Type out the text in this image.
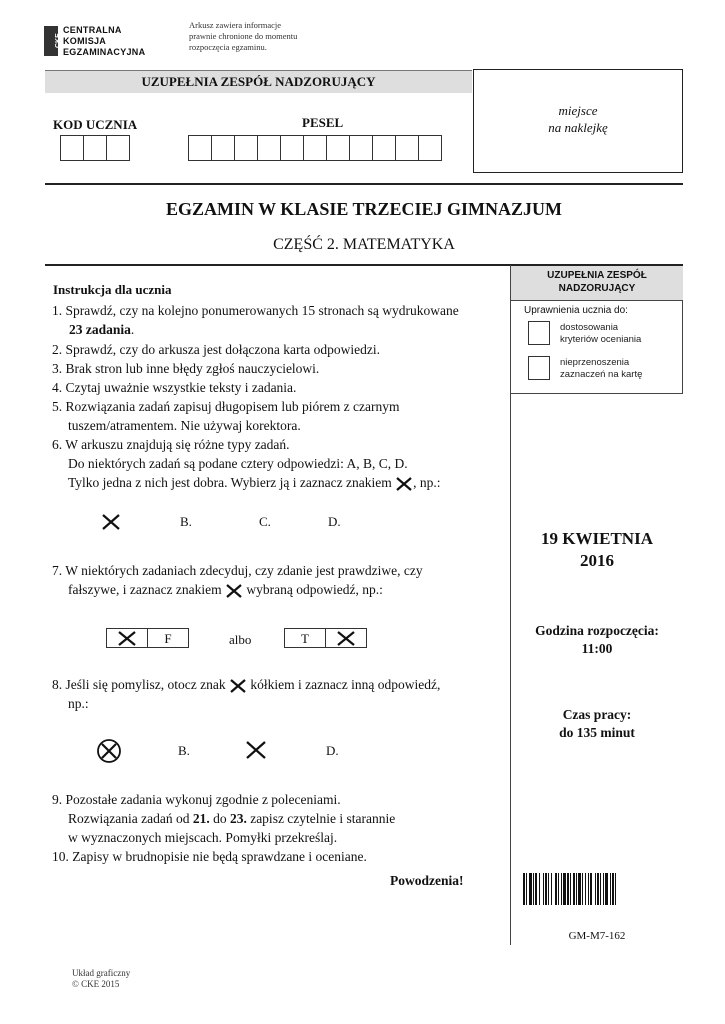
CKE
CENTRALNA
KOMISJA
EGZAMINACYJNA
Arkusz zawiera informacje
prawnie chronione do momentu
rozpoczęcia egzaminu.
UZUPEŁNIA ZESPÓŁ NADZORUJĄCY
KOD UCZNIA	PESEL
miejsce
na naklejkę
EGZAMIN W KLASIE TRZECIEJ GIMNAZJUM
CZĘŚĆ 2. MATEMATYKA
UZUPEŁNIA ZESPÓŁ
NADZORUJĄCY
Uprawnienia ucznia do:
dostosowania
kryteriów oceniania
nieprzenoszenia
zaznaczeń na kartę
19 KWIETNIA
2016
Godzina rozpoczęcia:
11:00
Czas pracy:
do 135 minut
GM-M7-162
Instrukcja dla ucznia
1. Sprawdź, czy na kolejno ponumerowanych 15 stronach są wydrukowane
23 zadania.
2. Sprawdź, czy do arkusza jest dołączona karta odpowiedzi.
3. Brak stron lub inne błędy zgłoś nauczycielowi.
4. Czytaj uważnie wszystkie teksty i zadania.
5. Rozwiązania zadań zapisuj długopisem lub piórem z czarnym
tuszem/atramentem. Nie używaj korektora.
6. W arkuszu znajdują się różne typy zadań.
Do niektórych zadań są podane cztery odpowiedzi: A, B, C, D.
Tylko jedna z nich jest dobra. Wybierz ją i zaznacz znakiem , np.:
B.	C.	D.
7. W niektórych zadaniach zdecyduj, czy zdanie jest prawdziwe, czy
fałszywe, i zaznacz znakiem wybraną odpowiedź, np.:
F	albo	T
8. Jeśli się pomylisz, otocz znak kółkiem i zaznacz inną odpowiedź,
np.:
B.	D.
9. Pozostałe zadania wykonuj zgodnie z poleceniami.
Rozwiązania zadań od 21. do 23. zapisz czytelnie i starannie
w wyznaczonych miejscach. Pomyłki przekreślaj.
10. Zapisy w brudnopisie nie będą sprawdzane i oceniane.
Powodzenia!
Układ graficzny
© CKE 2015
